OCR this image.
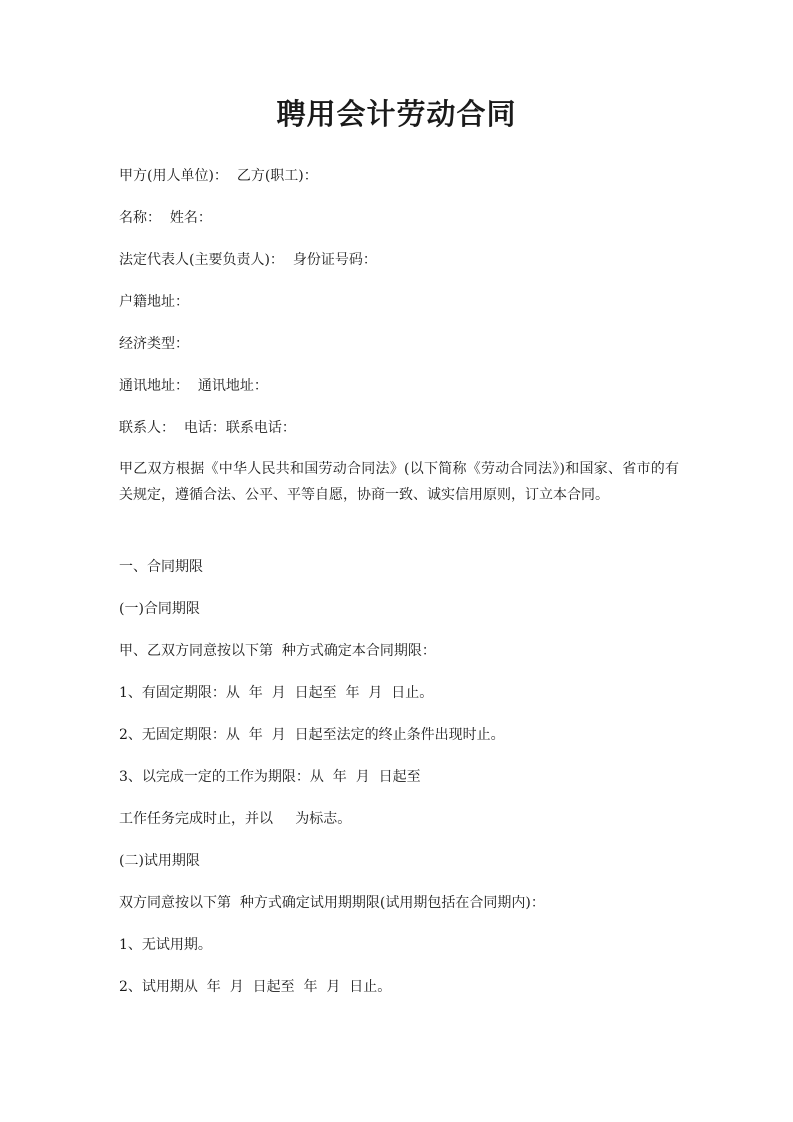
聘用会计劳动合同
甲方(用人单位)：  乙方(职工)：
名称：  姓名：
法定代表人(主要负责人)：  身份证号码：
户籍地址：
经济类型：
通讯地址：  通讯地址：
联系人：  电话：联系电话：
甲乙双方根据《中华人民共和国劳动合同法》(以下简称《劳动合同法》)和国家、省市的有关规定，遵循合法、公平、平等自愿，协商一致、诚实信用原则，订立本合同。
一、合同期限
(一)合同期限
甲、乙双方同意按以下第  种方式确定本合同期限：
1、有固定期限：从  年  月  日起至  年  月  日止。
2、无固定期限：从  年  月  日起至法定的终止条件出现时止。
3、以完成一定的工作为期限：从  年  月  日起至
工作任务完成时止，并以     为标志。
(二)试用期限
双方同意按以下第  种方式确定试用期期限(试用期包括在合同期内)：
1、无试用期。
2、试用期从  年  月  日起至  年  月  日止。
